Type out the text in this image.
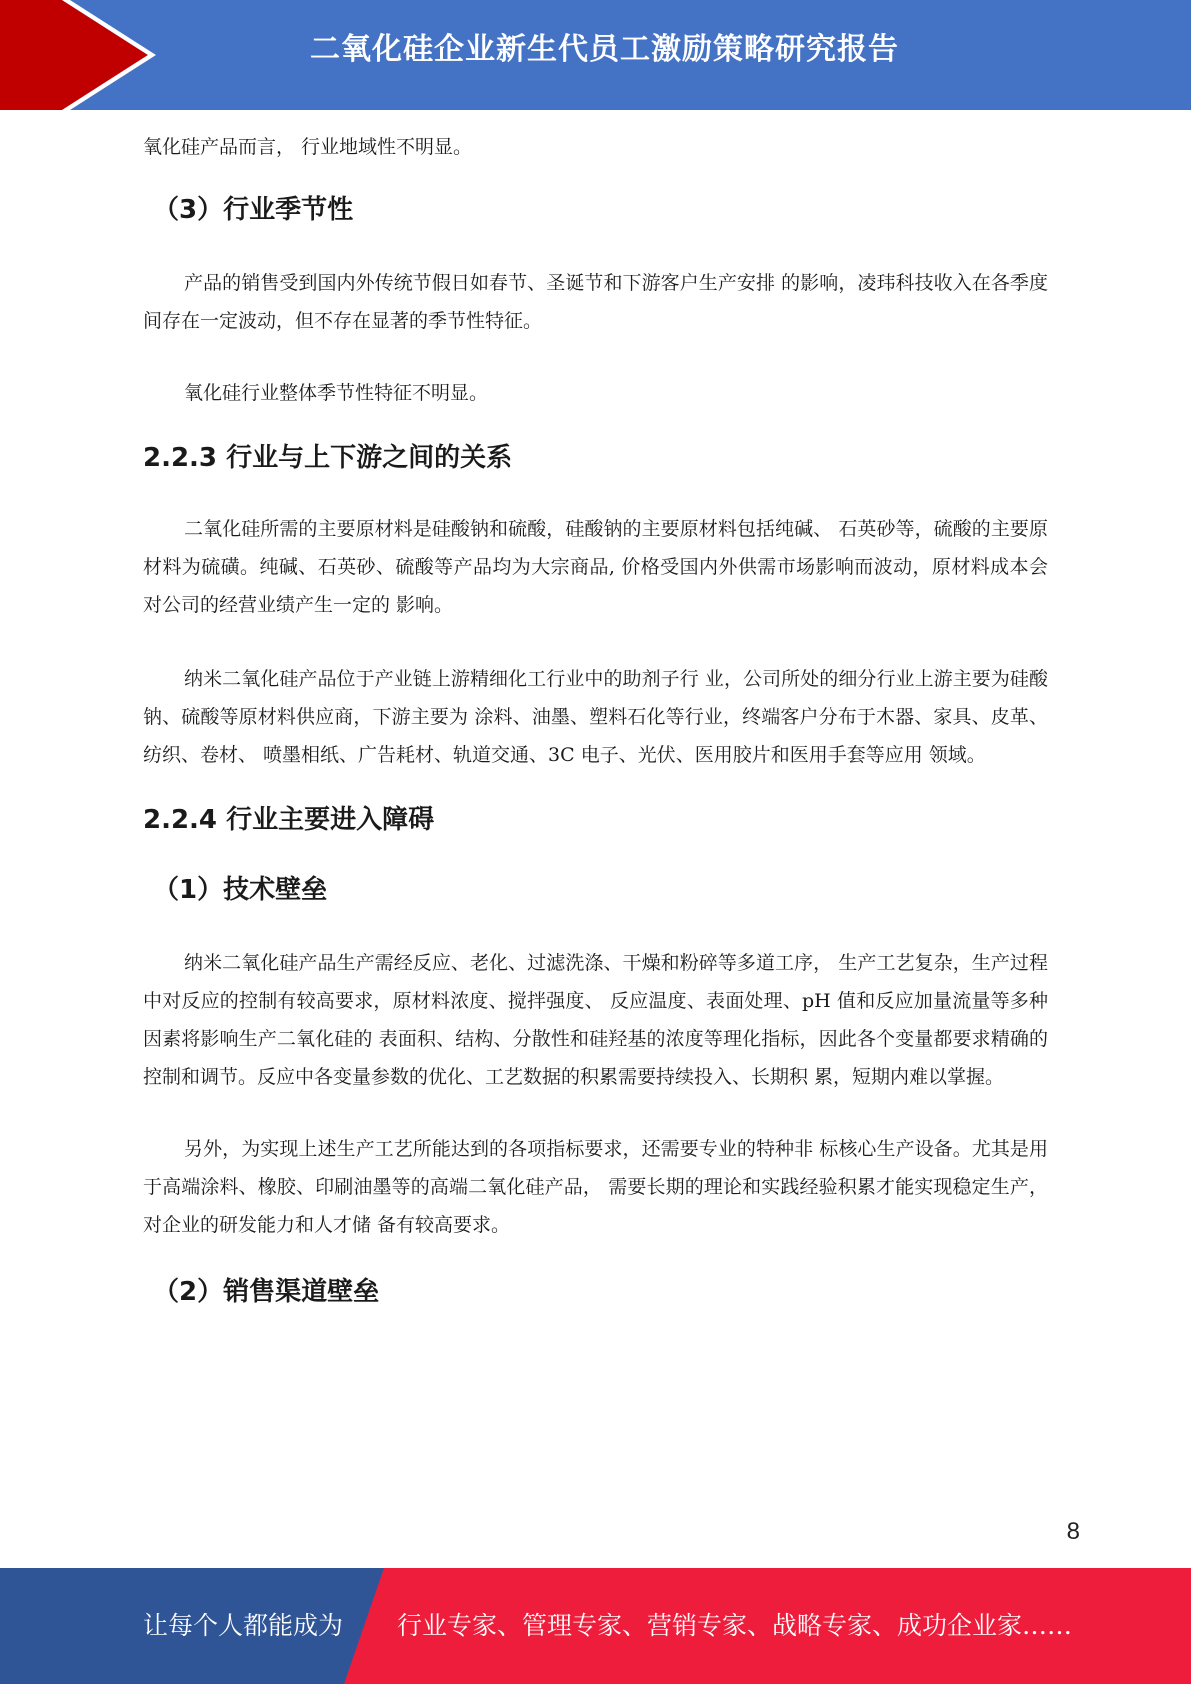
二氧化硅企业新生代员工激励策略研究报告

氧化硅产品而言， 行业地域性不明显。

（3）行业季节性

产品的销售受到国内外传统节假日如春节、圣诞节和下游客户生产安排 的影响，凌玮科技收入在各季度间存在一定波动，但不存在显著的季节性特征。

氧化硅行业整体季节性特征不明显。

2.2.3 行业与上下游之间的关系

二氧化硅所需的主要原材料是硅酸钠和硫酸，硅酸钠的主要原材料包括纯碱、 石英砂等，硫酸的主要原材料为硫磺。纯碱、石英砂、硫酸等产品均为大宗商品, 价格受国内外供需市场影响而波动，原材料成本会对公司的经营业绩产生一定的 影响。

纳米二氧化硅产品位于产业链上游精细化工行业中的助剂子行 业，公司所处的细分行业上游主要为硅酸钠、硫酸等原材料供应商，下游主要为 涂料、油墨、塑料石化等行业，终端客户分布于木器、家具、皮革、纺织、卷材、 喷墨相纸、广告耗材、轨道交通、3C 电子、光伏、医用胶片和医用手套等应用 领域。

2.2.4 行业主要进入障碍
（1）技术壁垒

纳米二氧化硅产品生产需经反应、老化、过滤洗涤、干燥和粉碎等多道工序， 生产工艺复杂，生产过程中对反应的控制有较高要求，原材料浓度、搅拌强度、 反应温度、表面处理、pH 值和反应加量流量等多种因素将影响生产二氧化硅的 表面积、结构、分散性和硅羟基的浓度等理化指标，因此各个变量都要求精确的 控制和调节。反应中各变量参数的优化、工艺数据的积累需要持续投入、长期积 累，短期内难以掌握。

另外，为实现上述生产工艺所能达到的各项指标要求，还需要专业的特种非 标核心生产设备。尤其是用于高端涂料、橡胶、印刷油墨等的高端二氧化硅产品， 需要长期的理论和实践经验积累才能实现稳定生产，对企业的研发能力和人才储 备有较高要求。

（2）销售渠道壁垒
8
让每个人都能成为 行业专家、管理专家、营销专家、战略专家、成功企业家……
